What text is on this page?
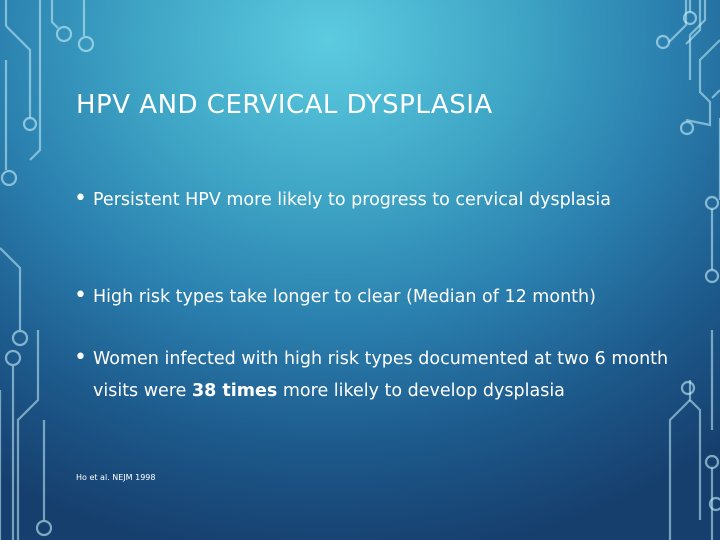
HPV AND CERVICAL DYSPLASIA
• Persistent HPV more likely to progress to cervical dysplasia
• High risk types take longer to clear (Median of 12 month)
• Women infected with high risk types documented at two 6 month visits were 38 times more likely to develop dysplasia

Ho et al. NEJM 1998
